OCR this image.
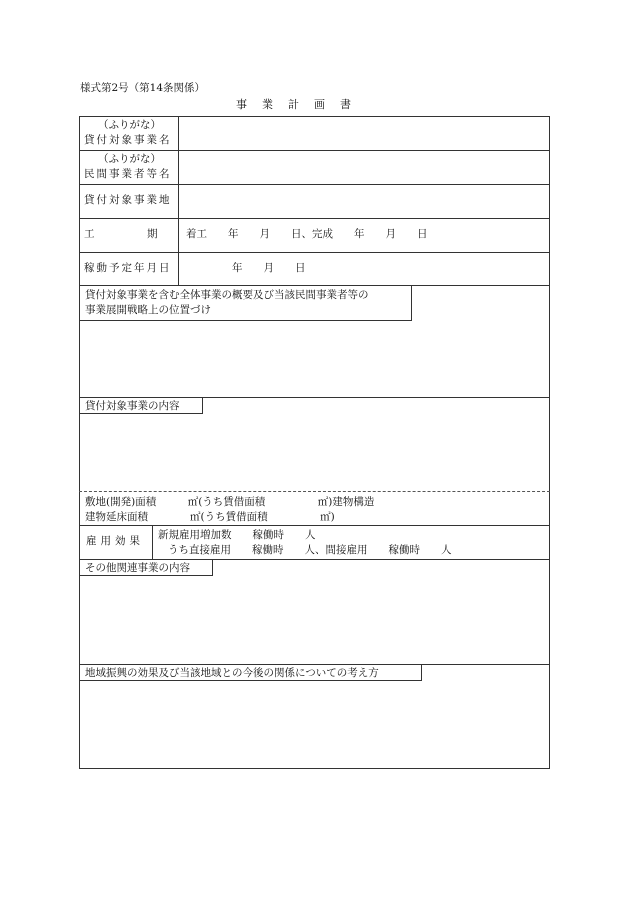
様式第2号（第14条関係）
事業計画書
（ふりがな）
貸付対象事業名
（ふりがな）
民間事業者等名
貸付対象事業地
工　　　　　期	着工　　年　　月　　日、完成　　年　　月　　日
稼動予定年月日	年　　月　　日
貸付対象事業を含む全体事業の概要及び当該民間事業者等の
事業展開戦略上の位置づけ
貸付対象事業の内容
敷地(開発)面積　　　㎡(うち賃借面積　　　　　㎡)建物構造
建物延床面積　　　　㎡(うち賃借面積　　　　　㎡)
雇用効果 新規雇用増加数　　稼働時　　人
うち直接雇用　　稼働時　　人、間接雇用　　稼働時　　人
その他関連事業の内容
地域振興の効果及び当該地域との今後の関係についての考え方
